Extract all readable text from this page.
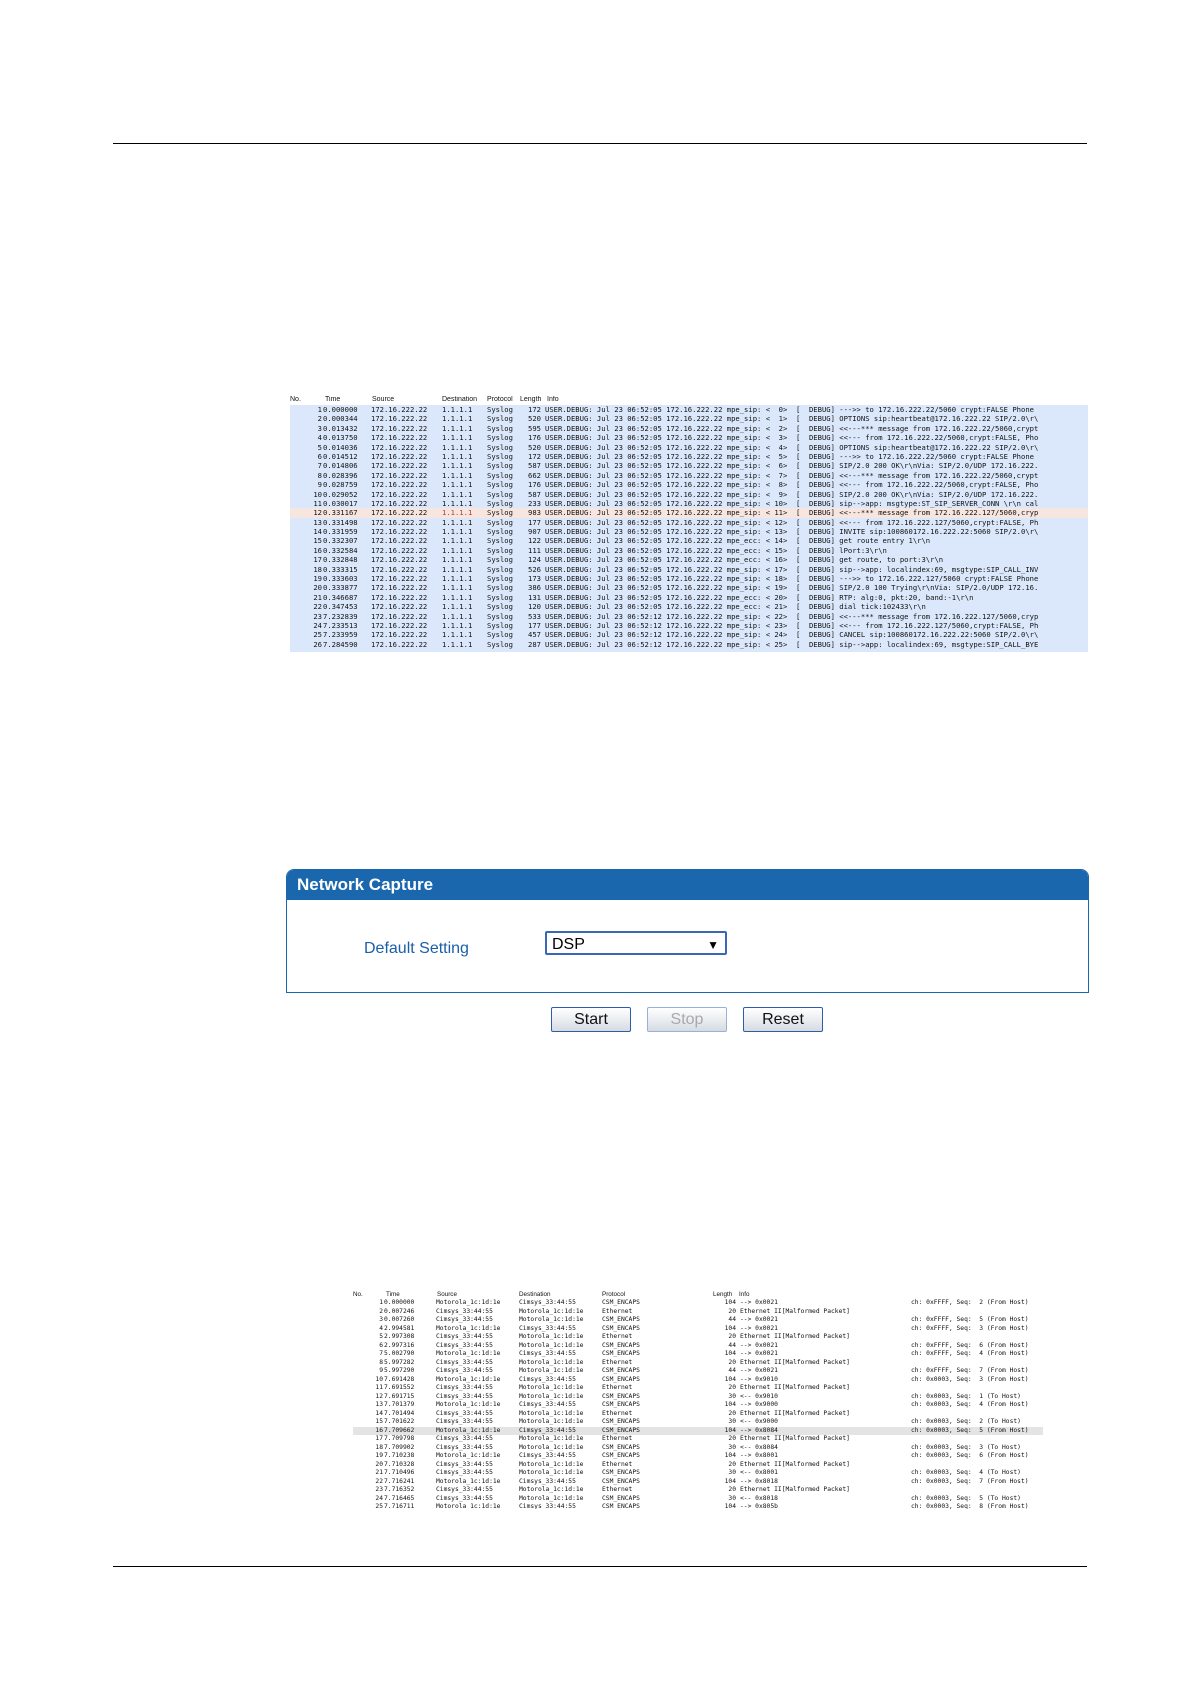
No.	Time	Source	Destination Protocol Length Info
1 0.000000 172.16.222.22 1.1.1.1 Syslog	172 USER.DEBUG: Jul 23 06:52:05 172.16.222.22 mpe_sip: <  0>  [  DEBUG] --->> to 172.16.222.22/5060 crypt:FALSE Phone
2 0.000344 172.16.222.22 1.1.1.1 Syslog	520 USER.DEBUG: Jul 23 06:52:05 172.16.222.22 mpe_sip: <  1>  [  DEBUG] OPTIONS sip:heartbeat@172.16.222.22 SIP/2.0\r\
3 0.013432 172.16.222.22 1.1.1.1 Syslog	595 USER.DEBUG: Jul 23 06:52:05 172.16.222.22 mpe_sip: <  2>  [  DEBUG] <<---*** message from 172.16.222.22/5060,crypt
4 0.013750 172.16.222.22 1.1.1.1 Syslog	176 USER.DEBUG: Jul 23 06:52:05 172.16.222.22 mpe_sip: <  3>  [  DEBUG] <<--- from 172.16.222.22/5060,crypt:FALSE, Pho
5 0.014036 172.16.222.22 1.1.1.1 Syslog	520 USER.DEBUG: Jul 23 06:52:05 172.16.222.22 mpe_sip: <  4>  [  DEBUG] OPTIONS sip:heartbeat@172.16.222.22 SIP/2.0\r\
6 0.014512 172.16.222.22 1.1.1.1 Syslog	172 USER.DEBUG: Jul 23 06:52:05 172.16.222.22 mpe_sip: <  5>  [  DEBUG] --->> to 172.16.222.22/5060 crypt:FALSE Phone
7 0.014806 172.16.222.22 1.1.1.1 Syslog	587 USER.DEBUG: Jul 23 06:52:05 172.16.222.22 mpe_sip: <  6>  [  DEBUG] SIP/2.0 200 OK\r\nVia: SIP/2.0/UDP 172.16.222.
8 0.028396 172.16.222.22 1.1.1.1 Syslog	662 USER.DEBUG: Jul 23 06:52:05 172.16.222.22 mpe_sip: <  7>  [  DEBUG] <<---*** message from 172.16.222.22/5060,crypt
9 0.028759 172.16.222.22 1.1.1.1 Syslog	176 USER.DEBUG: Jul 23 06:52:05 172.16.222.22 mpe_sip: <  8>  [  DEBUG] <<--- from 172.16.222.22/5060,crypt:FALSE, Pho
10 0.029052 172.16.222.22 1.1.1.1 Syslog	587 USER.DEBUG: Jul 23 06:52:05 172.16.222.22 mpe_sip: <  9>  [  DEBUG] SIP/2.0 200 OK\r\nVia: SIP/2.0/UDP 172.16.222.
11 0.030017 172.16.222.22 1.1.1.1 Syslog	233 USER.DEBUG: Jul 23 06:52:05 172.16.222.22 mpe_sip: < 10>  [  DEBUG] sip-->app: msgtype:ST_SIP_SERVER_CONN \r\n cal
12 0.331167 172.16.222.22 1.1.1.1 Syslog	983 USER.DEBUG: Jul 23 06:52:05 172.16.222.22 mpe_sip: < 11>  [  DEBUG] <<---*** message from 172.16.222.127/5060,cryp
13 0.331498 172.16.222.22 1.1.1.1 Syslog	177 USER.DEBUG: Jul 23 06:52:05 172.16.222.22 mpe_sip: < 12>  [  DEBUG] <<--- from 172.16.222.127/5060,crypt:FALSE, Ph
14 0.331959 172.16.222.22 1.1.1.1 Syslog	907 USER.DEBUG: Jul 23 06:52:05 172.16.222.22 mpe_sip: < 13>  [  DEBUG] INVITE sip:100860172.16.222.22:5060 SIP/2.0\r\
15 0.332307 172.16.222.22 1.1.1.1 Syslog	122 USER.DEBUG: Jul 23 06:52:05 172.16.222.22 mpe_ecc: < 14>  [  DEBUG] get route entry 1\r\n
16 0.332584 172.16.222.22 1.1.1.1 Syslog	111 USER.DEBUG: Jul 23 06:52:05 172.16.222.22 mpe_ecc: < 15>  [  DEBUG] lPort:3\r\n
17 0.332848 172.16.222.22 1.1.1.1 Syslog	124 USER.DEBUG: Jul 23 06:52:05 172.16.222.22 mpe_ecc: < 16>  [  DEBUG] get route, to port:3\r\n
18 0.333315 172.16.222.22 1.1.1.1 Syslog	526 USER.DEBUG: Jul 23 06:52:05 172.16.222.22 mpe_sip: < 17>  [  DEBUG] sip-->app: localindex:69, msgtype:SIP_CALL_INV
19 0.333603 172.16.222.22 1.1.1.1 Syslog	173 USER.DEBUG: Jul 23 06:52:05 172.16.222.22 mpe_sip: < 18>  [  DEBUG] --->> to 172.16.222.127/5060 crypt:FALSE Phone
20 0.333877 172.16.222.22 1.1.1.1 Syslog	386 USER.DEBUG: Jul 23 06:52:05 172.16.222.22 mpe_sip: < 19>  [  DEBUG] SIP/2.0 100 Trying\r\nVia: SIP/2.0/UDP 172.16.
21 0.346687 172.16.222.22 1.1.1.1 Syslog	131 USER.DEBUG: Jul 23 06:52:05 172.16.222.22 mpe_ecc: < 20>  [  DEBUG] RTP: alg:0, pkt:20, band:-1\r\n
22 0.347453 172.16.222.22 1.1.1.1 Syslog	120 USER.DEBUG: Jul 23 06:52:05 172.16.222.22 mpe_ecc: < 21>  [  DEBUG] dial tick:102433\r\n
23 7.232839 172.16.222.22 1.1.1.1 Syslog	533 USER.DEBUG: Jul 23 06:52:12 172.16.222.22 mpe_sip: < 22>  [  DEBUG] <<---*** message from 172.16.222.127/5060,cryp
24 7.233513 172.16.222.22 1.1.1.1 Syslog	177 USER.DEBUG: Jul 23 06:52:12 172.16.222.22 mpe_sip: < 23>  [  DEBUG] <<--- from 172.16.222.127/5060,crypt:FALSE, Ph
25 7.233959 172.16.222.22 1.1.1.1 Syslog	457 USER.DEBUG: Jul 23 06:52:12 172.16.222.22 mpe_sip: < 24>  [  DEBUG] CANCEL sip:100860172.16.222.22:5060 SIP/2.0\r\
26 7.284590 172.16.222.22 1.1.1.1 Syslog	287 USER.DEBUG: Jul 23 06:52:12 172.16.222.22 mpe_sip: < 25>  [  DEBUG] sip-->app: localindex:69, msgtype:SIP_CALL_BYE
Network Capture
Default Setting	DSP	▼
Start	Stop	Reset
No.	Time	Source	Destination	Protocol	Length Info
1 0.000000	Motorola_1c:1d:1e	Cimsys_33:44:55	CSM_ENCAPS	104 --> 0x0021	ch: 0xFFFF, Seq:  2 (From Host)
2 0.007246	Cimsys_33:44:55	Motorola_1c:1d:1e	Ethernet	20 Ethernet II[Malformed Packet]
3 0.007260	Cimsys_33:44:55	Motorola_1c:1d:1e	CSM_ENCAPS	44 --> 0x0021	ch: 0xFFFF, Seq:  5 (From Host)
4 2.994581	Motorola_1c:1d:1e	Cimsys_33:44:55	CSM_ENCAPS	104 --> 0x0021	ch: 0xFFFF, Seq:  3 (From Host)
5 2.997308	Cimsys_33:44:55	Motorola_1c:1d:1e	Ethernet	20 Ethernet II[Malformed Packet]
6 2.997316	Cimsys_33:44:55	Motorola_1c:1d:1e	CSM_ENCAPS	44 --> 0x0021	ch: 0xFFFF, Seq:  6 (From Host)
7 5.002790	Motorola_1c:1d:1e	Cimsys_33:44:55	CSM_ENCAPS	104 --> 0x0021	ch: 0xFFFF, Seq:  4 (From Host)
8 5.997282	Cimsys_33:44:55	Motorola_1c:1d:1e	Ethernet	20 Ethernet II[Malformed Packet]
9 5.997290	Cimsys_33:44:55	Motorola_1c:1d:1e	CSM_ENCAPS	44 --> 0x0021	ch: 0xFFFF, Seq:  7 (From Host)
10 7.691428	Motorola_1c:1d:1e	Cimsys_33:44:55	CSM_ENCAPS	104 --> 0x9010	ch: 0x0003, Seq:  3 (From Host)
11 7.691552	Cimsys_33:44:55	Motorola_1c:1d:1e	Ethernet	20 Ethernet II[Malformed Packet]
12 7.691715	Cimsys_33:44:55	Motorola_1c:1d:1e	CSM_ENCAPS	30 <-- 0x9010	ch: 0x0003, Seq:  1 (To Host)
13 7.701379	Motorola_1c:1d:1e	Cimsys_33:44:55	CSM_ENCAPS	104 --> 0x9000	ch: 0x0003, Seq:  4 (From Host)
14 7.701494	Cimsys_33:44:55	Motorola_1c:1d:1e	Ethernet	20 Ethernet II[Malformed Packet]
15 7.701622	Cimsys_33:44:55	Motorola_1c:1d:1e	CSM_ENCAPS	30 <-- 0x9000	ch: 0x0003, Seq:  2 (To Host)
16 7.709662	Motorola_1c:1d:1e	Cimsys_33:44:55	CSM_ENCAPS	104 --> 0x8084	ch: 0x0003, Seq:  5 (From Host)
17 7.709798	Cimsys_33:44:55	Motorola_1c:1d:1e	Ethernet	20 Ethernet II[Malformed Packet]
18 7.709902	Cimsys_33:44:55	Motorola_1c:1d:1e	CSM_ENCAPS	30 <-- 0x8084	ch: 0x0003, Seq:  3 (To Host)
19 7.710238	Motorola_1c:1d:1e	Cimsys_33:44:55	CSM_ENCAPS	104 --> 0x8001	ch: 0x0003, Seq:  6 (From Host)
20 7.710328	Cimsys_33:44:55	Motorola_1c:1d:1e	Ethernet	20 Ethernet II[Malformed Packet]
21 7.710496	Cimsys_33:44:55	Motorola_1c:1d:1e	CSM_ENCAPS	30 <-- 0x8001	ch: 0x0003, Seq:  4 (To Host)
22 7.716241	Motorola_1c:1d:1e	Cimsys_33:44:55	CSM_ENCAPS	104 --> 0x8018	ch: 0x0003, Seq:  7 (From Host)
23 7.716352	Cimsys_33:44:55	Motorola_1c:1d:1e	Ethernet	20 Ethernet II[Malformed Packet]
24 7.716465	Cimsys_33:44:55	Motorola_1c:1d:1e	CSM_ENCAPS	30 <-- 0x8018	ch: 0x0003, Seq:  5 (To Host)
25 7.716711	Motorola_1c:1d:1e	Cimsys_33:44:55	CSM_ENCAPS	104 --> 0x805b	ch: 0x0003, Seq:  8 (From Host)
